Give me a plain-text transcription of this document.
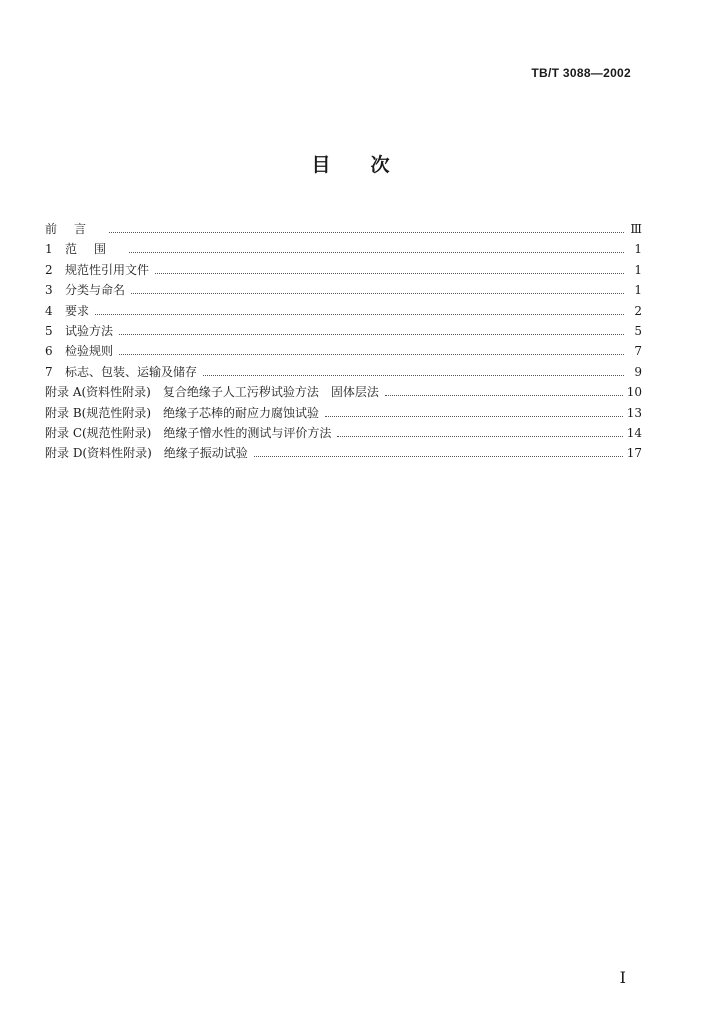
TB/T 3088—2002
目 次
前言	Ⅲ
1 范围	1
2 规范性引用文件	1
3 分类与命名	1
4 要求	2
5 试验方法	5
6 检验规则	7
7 标志、包装、运输及储存	9
附录 A(资料性附录)　复合绝缘子人工污秽试验方法　固体层法	10
附录 B(规范性附录)　绝缘子芯棒的耐应力腐蚀试验	13
附录 C(规范性附录)　绝缘子憎水性的测试与评价方法	14
附录 D(资料性附录)　绝缘子振动试验	17
I
